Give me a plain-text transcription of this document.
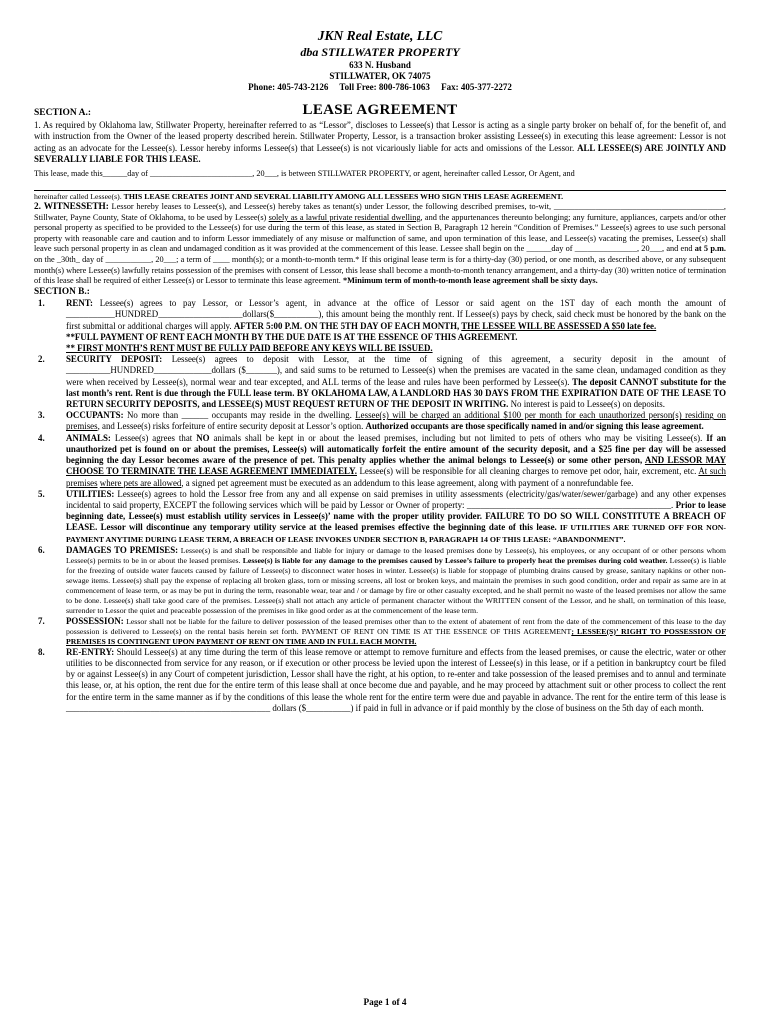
JKN Real Estate, LLC
dba STILLWATER PROPERTY
633 N. Husband
STILLWATER, OK 74075
Phone: 405-743-2126     Toll Free: 800-786-1063     Fax: 405-377-2272
SECTION A.:	LEASE AGREEMENT

1. As required by Oklahoma law, Stillwater Property, hereinafter referred to as “Lessor”, discloses to Lessee(s) that Lessor is acting as a single party broker on behalf of, for the benefit of, and with instruction from the Owner of the leased property described herein. Stillwater Property, Lessor, is a transaction broker assisting Lessee(s) in executing this lease agreement: Lessor is not acting as an advocate for the Lessee(s). Lessor hereby informs Lessee(s) that Lessee(s) is not vicariously liable for acts and omissions of the Lessor. ALL LESSEE(S) ARE JOINTLY AND SEVERALLY LIABLE FOR THIS LEASE.

This lease, made this______day of _________________________, 20___, is between STILLWATER PROPERTY, or agent, hereinafter called Lessor, Or Agent, and

hereinafter called Lessee(s). THIS LEASE CREATES JOINT AND SEVERAL LIABILITY AMONG ALL LESSEES WHO SIGN THIS LEASE AGREEMENT.

2. WITNESSETH: Lessor hereby leases to Lessee(s), and Lessee(s) hereby takes as tenant(s) under Lessor, the following described premises, to-wit, _________________________________________, Stillwater, Payne County, State of Oklahoma, to be used by Lessee(s) solely as a lawful private residential dwelling, and the appurtenances thereunto belonging; any furniture, appliances, carpets and/or other personal property as specified to be provided to the Lessee(s) for use during the term of this lease, as stated in Section B, Paragraph 12 herein “Condition of Premises.” Lessee(s) agrees to use such personal property with reasonable care and caution and to inform Lessor immediately of any misuse or malfunction of same, and upon termination of this lease, and Lessee(s) vacating the premises, Lessee(s) shall leave such personal property in as clean and undamaged condition as it was provided at the commencement of this lease. Lessee shall begin on the ______day of _______________, 20___, and end at 5 p.m. on the _30th_ day of ___________, 20___; a term of ____ month(s); or a month-to-month term.* If this original lease term is for a thirty-day (30) period, or one month, as described above, or any subsequent month(s) where Lessee(s) lawfully retains possession of the premises with consent of Lessor, this lease shall become a month-to-month tenancy arrangement, and a thirty-day (30) written notice of termination of this lease shall be required of either Lessee(s) or Lessor to terminate this lease agreement. *Minimum term of month-to-month lease agreement shall be sixty days.

SECTION B.:

1.	RENT: Lessee(s) agrees to pay Lessor, or Lessor’s agent, in advance at the office of Lessor or said agent on the 1ST day of each month the amount of ___________HUNDRED___________________dollars($__________), this amount being the monthly rent. If Lessee(s) pays by check, said check must be honored by the bank on the first submittal or additional charges will apply. AFTER 5:00 P.M. ON THE 5TH DAY OF EACH MONTH, THE LESSEE WILL BE ASSESSED A $50 late fee.

**FULL PAYMENT OF RENT EACH MONTH BY THE DUE DATE IS AT THE ESSENCE OF THIS AGREEMENT.

** FIRST MONTH’S RENT MUST BE FULLY PAID BEFORE ANY KEYS WILL BE ISSUED.

2.	SECURITY DEPOSIT: Lessee(s) agrees to deposit with Lessor, at the time of signing of this agreement, a security deposit in the amount of __________HUNDRED_____________dollars ($_______), and said sums to be returned to Lessee(s) when the premises are vacated in the same clean, undamaged condition as they were when received by Lessee(s), normal wear and tear excepted, and ALL terms of the lease and rules have been performed by Lessee(s). The deposit CANNOT substitute for the last month’s rent. Rent is due through the FULL lease term. BY OKLAHOMA LAW, A LANDLORD HAS 30 DAYS FROM THE EXPIRATION DATE OF THE LEASE TO RETURN SECURITY DEPOSITS, and LESSEE(S) MUST REQUEST RETURN OF THE DEPOSIT IN WRITING. No interest is paid to Lessee(s) on deposits.

3.	OCCUPANTS: No more than ______ occupants may reside in the dwelling. Lessee(s) will be charged an additional $100 per month for each unauthorized person(s) residing on premises, and Lessee(s) risks forfeiture of entire security deposit at Lessor’s option. Authorized occupants are those specifically named in and/or signing this lease agreement.

4.	ANIMALS: Lessee(s) agrees that NO animals shall be kept in or about the leased premises, including but not limited to pets of others who may be visiting Lessee(s). If an unauthorized pet is found on or about the premises, Lessee(s) will automatically forfeit the entire amount of the security deposit, and a $25 fine per day will be assessed beginning the day Lessor becomes aware of the presence of pet. This penalty applies whether the animal belongs to Lessee(s) or some other person, AND LESSOR MAY CHOOSE TO TERMINATE THE LEASE AGREEMENT IMMEDIATELY. Lessee(s) will be responsible for all cleaning charges to remove pet odor, hair, excrement, etc. At such premises where pets are allowed, a signed pet agreement must be executed as an addendum to this lease agreement, along with payment of a nonrefundable fee.

5.	UTILITIES: Lessee(s) agrees to hold the Lessor free from any and all expense on said premises in utility assessments (electricity/gas/water/sewer/garbage) and any other expenses incidental to said property, EXCEPT the following services which will be paid by Lessor or Owner of property: ______________________________________________. Prior to lease beginning date, Lessee(s) must establish utility services in Lessee(s)’ name with the proper utility provider. FAILURE TO DO SO WILL CONSTITUTE A BREACH OF LEASE. Lessor will discontinue any temporary utility service at the leased premises effective the beginning date of this lease. IF UTILITIES ARE TURNED OFF FOR NON-PAYMENT ANYTIME DURING LEASE TERM, A BREACH OF LEASE INVOKES UNDER SECTION B, PARAGRAPH 14 OF THIS LEASE: “ABANDONMENT”.

6.	DAMAGES TO PREMISES: Lessee(s) is and shall be responsible and liable for injury or damage to the leased premises done by Lessee(s), his employees, or any occupant of or other persons whom Lessee(s) permits to be in or about the leased premises. Lessee(s) is liable for any damage to the premises caused by Lessee’s failure to properly heat the premises during cold weather. Lessee(s) is liable for the freezing of outside water faucets caused by failure of Lessee(s) to disconnect water hoses in winter. Lessee(s) is liable for stoppage of plumbing drains caused by grease, sanitary napkins or other non-sewage items. Lessee(s) shall pay the expense of replacing all broken glass, torn or missing screens, all lost or broken keys, and maintain the premises in such good condition, order and repair as same are in at commencement of lease term, or as may be put in during the term, reasonable wear, tear and / or damage by fire or other casualty excepted, and he shall permit no waste of the leased premises nor allow the same to be done. Lessee(s) shall take good care of the premises. Lessee(s) shall not attach any article of permanent character without the WRITTEN consent of the Lessor, and he shall, on termination of this lease, surrender to Lessor the quiet and peaceable possession of the premises in like good order as at the commencement of the lease term.

7.	POSSESSION: Lessor shall not be liable for the failure to deliver possession of the leased premises other than to the extent of abatement of rent from the date of the commencement of this lease to the day possession is delivered to Lessee(s) on the rental basis herein set forth. PAYMENT OF RENT ON TIME IS AT THE ESSENCE OF THIS AGREEMENT; LESSEE(S)’ RIGHT TO POSSESSION OF PREMISES IS CONTINGENT UPON PAYMENT OF RENT ON TIME AND IN FULL EACH MONTH.

8.	RE-ENTRY: Should Lessee(s) at any time during the term of this lease remove or attempt to remove furniture and effects from the leased premises, or cause the electric, water or other utilities to be disconnected from service for any reason, or if execution or other process be levied upon the interest of Lessee(s) in this lease, or if a petition in bankruptcy court be filed by or against Lessee(s) in any Court of competent jurisdiction, Lessor shall have the right, at his option, to re-enter and take possession of the leased premises and to annul and terminate this lease, or, at his option, the rent due for the entire term of this lease shall at once become due and payable, and he may proceed by attachment suit or other process to collect the rent for the entire term in the same manner as if by the conditions of this lease the whole rent for the entire term were due and payable in advance. The rent for the entire term of this lease is ______________________________________________ dollars ($__________) if paid in full in advance or if paid monthly by the close of business on the 5th day of each month.

Page 1 of 4
